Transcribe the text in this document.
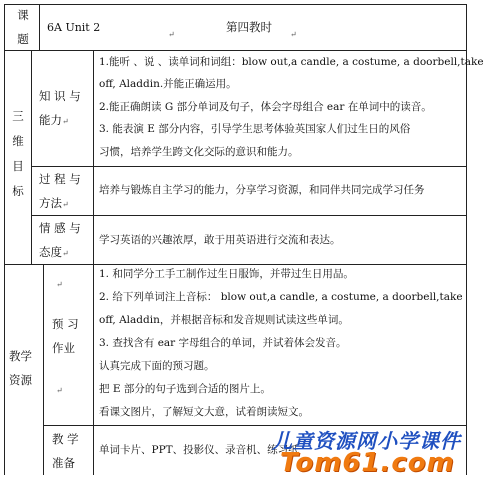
课
题
6A Unit 2	第四教时
↵	↵
三
维
目
标
知 识 与
能力↵
1.能听 、说 、读单词和词组：blow out,a candle, a costume, a doorbell,take
off, Aladdin.并能正确运用。
2.能正确朗读 G 部分单词及句子，体会字母组合 ear 在单词中的读音。
3. 能表演 E 部分内容，引导学生思考体验英国家人们过生日的风俗
习惯，培养学生跨文化交际的意识和能力。
过 程 与
方法↵
培养与锻炼自主学习的能力，分享学习资源，和同伴共同完成学习任务
情 感 与
态度↵
学习英语的兴趣浓厚，敢于用英语进行交流和表达。
教学
资源
↵
↵
预 习
作业
1. 和同学分工手工制作过生日服饰，并带过生日用品。
2. 给下列单词注上音标： blow out,a candle, a costume, a doorbell,take
off, Aladdin，并根据音标和发音规则试读这些单词。
3. 查找含有 ear 字母组合的单词，并试着体会发音。
认真完成下面的预习题。
把 E 部分的句子选到合适的图片上。
看课文图片，了解短文大意，试着朗读短文。
教 学
准备
单词卡片、PPT、投影仪、录音机、练习纸
儿童资源网小学课件
Tom61.com
